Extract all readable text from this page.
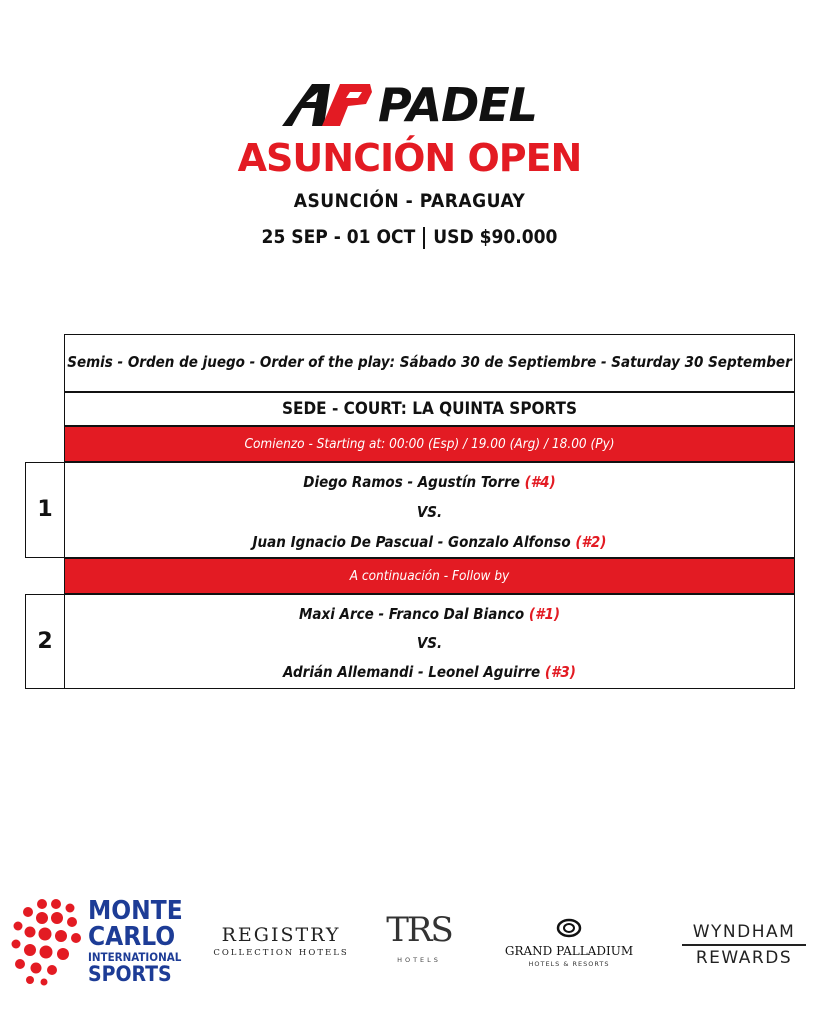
PADEL
ASUNCIÓN OPEN
ASUNCIÓN - PARAGUAY
25 SEP - 01 OCT USD $90.000
Semis - Orden de juego - Order of the play: Sábado 30 de Septiembre - Saturday 30 September
SEDE - COURT: LA QUINTA SPORTS
Comienzo - Starting at: 00:00 (Esp) / 19.00 (Arg) / 18.00 (Py)
1
Diego Ramos - Agustín Torre (#4)
VS.
Juan Ignacio De Pascual - Gonzalo Alfonso (#2)
A continuación - Follow by
2
Maxi Arce - Franco Dal Bianco (#1)
VS.
Adrián Allemandi - Leonel Aguirre (#3)
MONTE
CARLO
INTERNATIONAL
SPORTS
REGISTRY
COLLECTION HOTELS
TRS
HOTELS
GRAND PALLADIUM
HOTELS & RESORTS
WYNDHAM
REWARDS
